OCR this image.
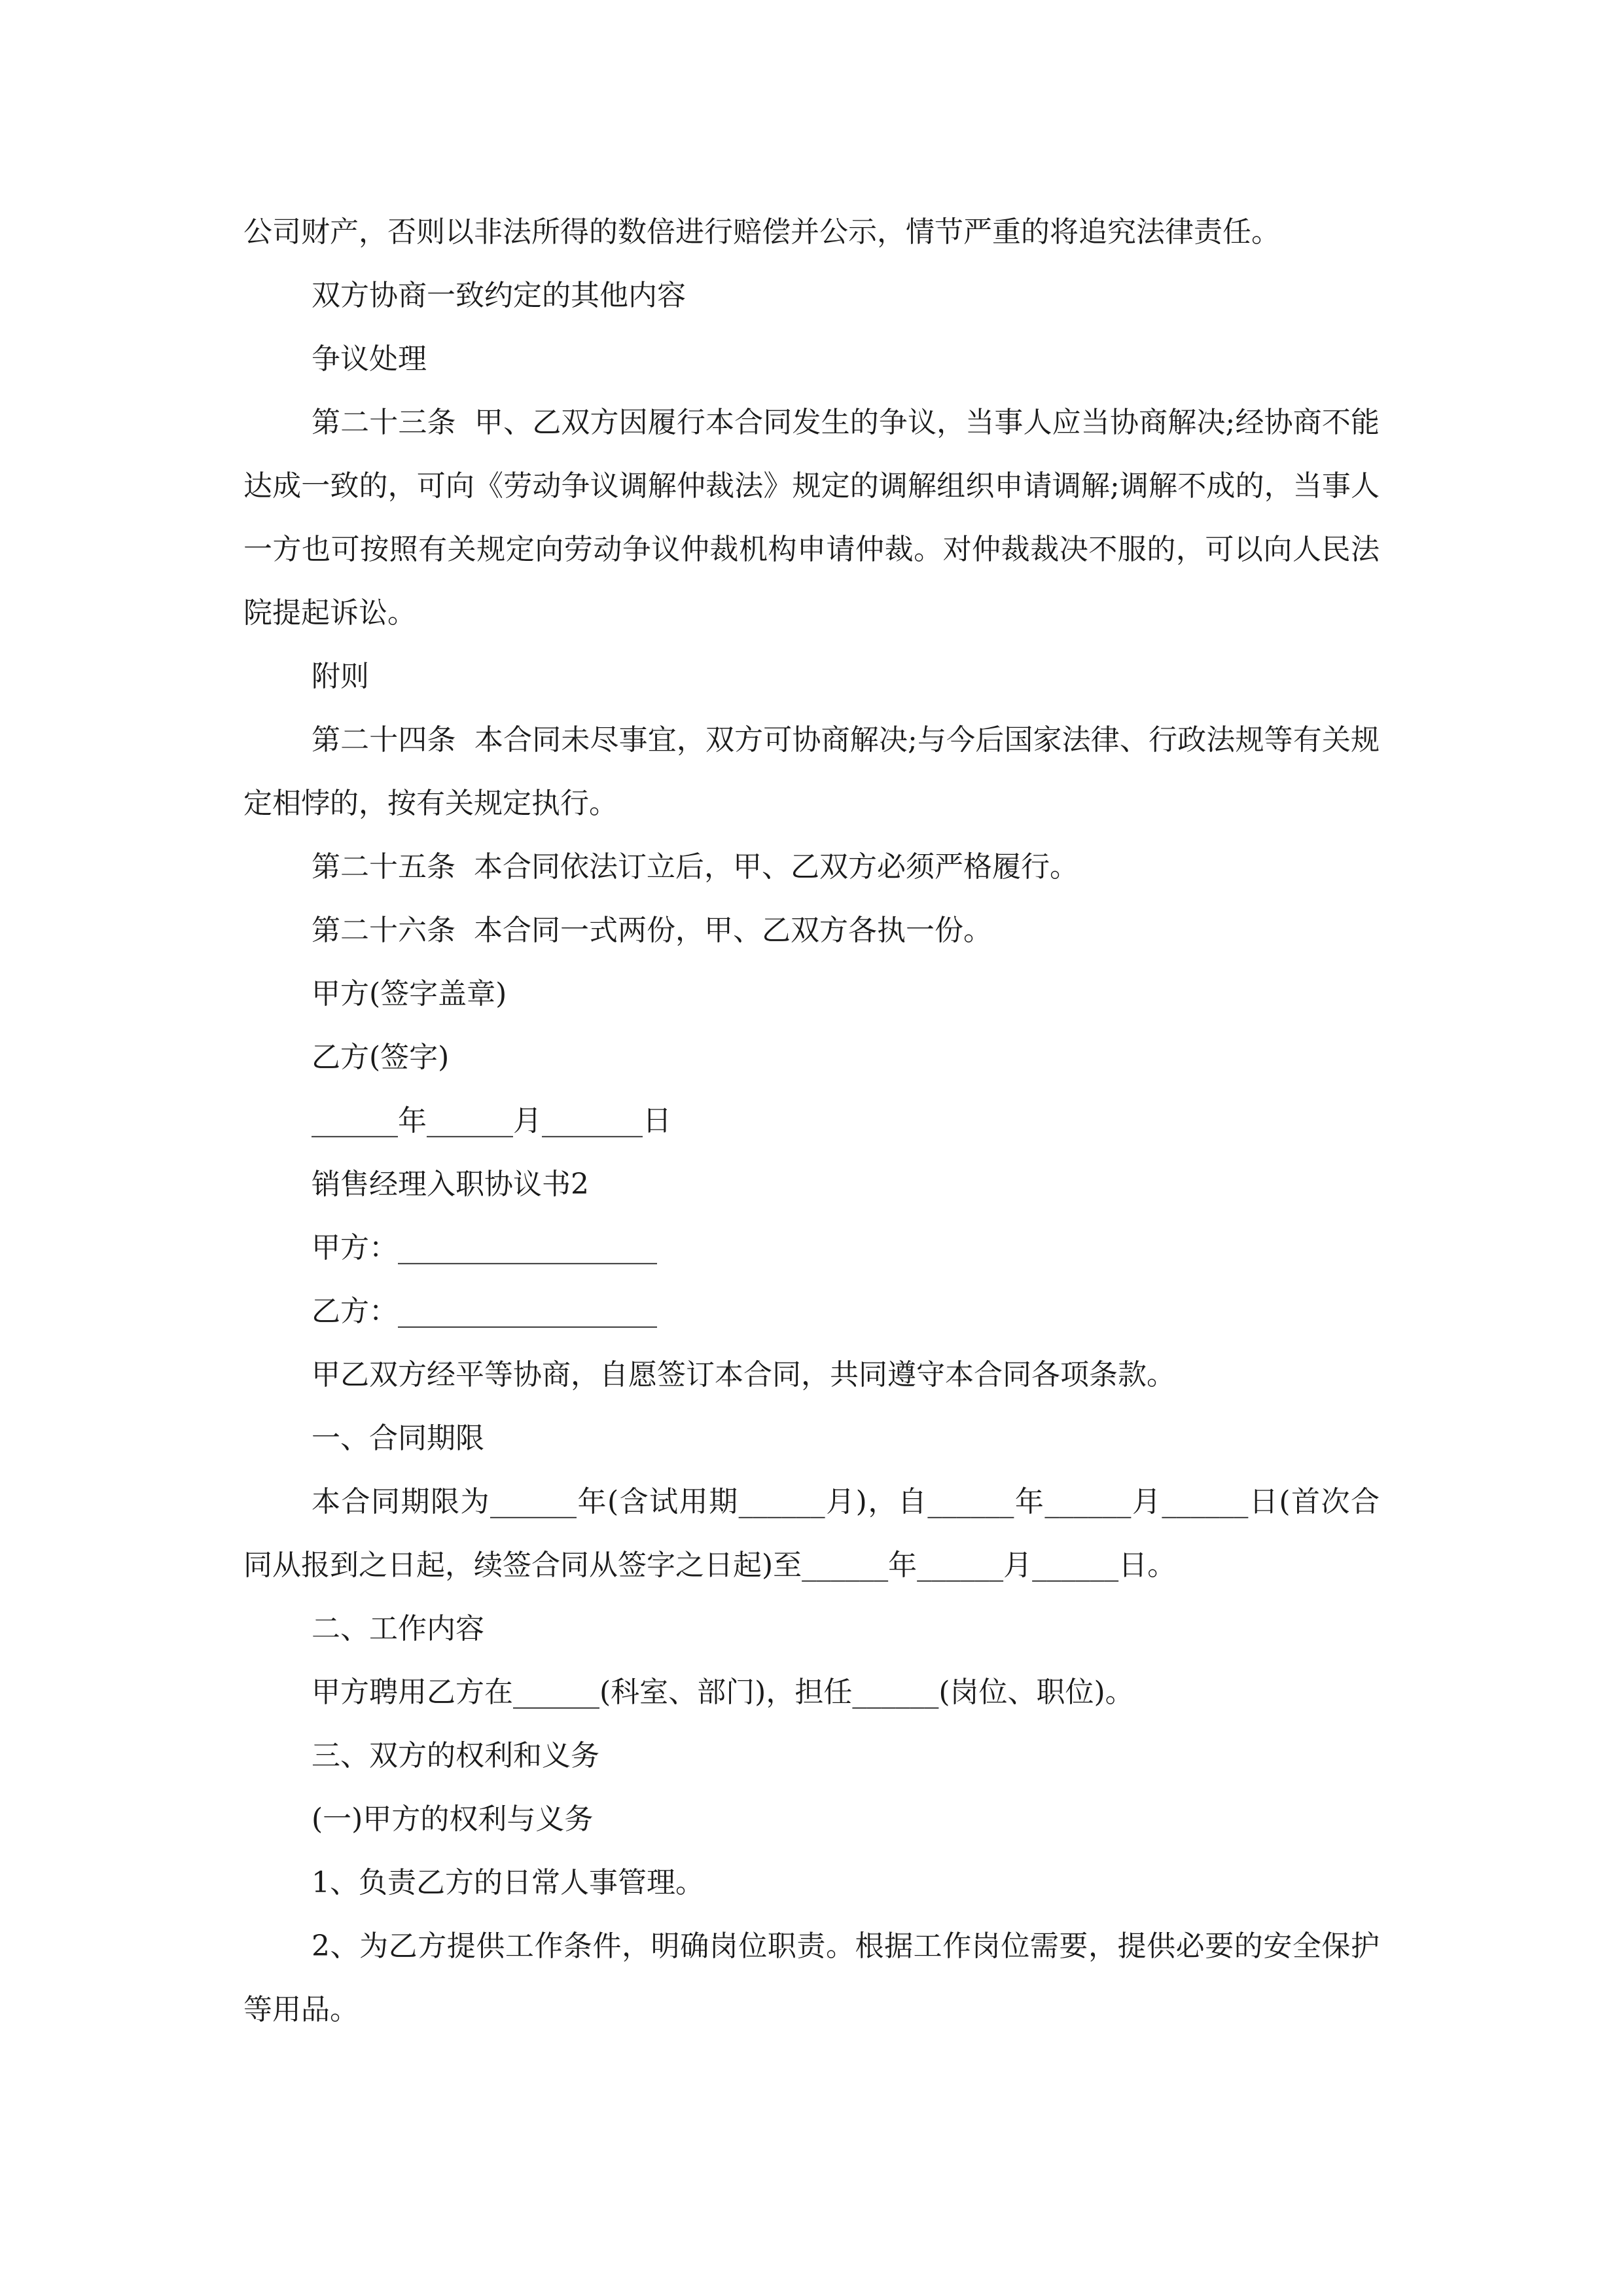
公司财产，否则以非法所得的数倍进行赔偿并公示，情节严重的将追究法律责任。

双方协商一致约定的其他内容

争议处理

第二十三条  甲、乙双方因履行本合同发生的争议，当事人应当协商解决;经协商不能达成一致的，可向《劳动争议调解仲裁法》规定的调解组织申请调解;调解不成的，当事人一方也可按照有关规定向劳动争议仲裁机构申请仲裁。对仲裁裁决不服的，可以向人民法院提起诉讼。

附则

第二十四条  本合同未尽事宜，双方可协商解决;与今后国家法律、行政法规等有关规定相悖的，按有关规定执行。

第二十五条  本合同依法订立后，甲、乙双方必须严格履行。

第二十六条  本合同一式两份，甲、乙双方各执一份。

甲方(签字盖章)

乙方(签字)

______年______月_______日

销售经理入职协议书2

甲方：__________________

乙方：__________________

甲乙双方经平等协商，自愿签订本合同，共同遵守本合同各项条款。

一、合同期限

本合同期限为______年(含试用期______月)，自______年______月______日(首次合同从报到之日起，续签合同从签字之日起)至______年______月______日。

二、工作内容

甲方聘用乙方在______(科室、部门)，担任______(岗位、职位)。

三、双方的权利和义务

(一)甲方的权利与义务

1、负责乙方的日常人事管理。

2、为乙方提供工作条件，明确岗位职责。根据工作岗位需要，提供必要的安全保护等用品。
